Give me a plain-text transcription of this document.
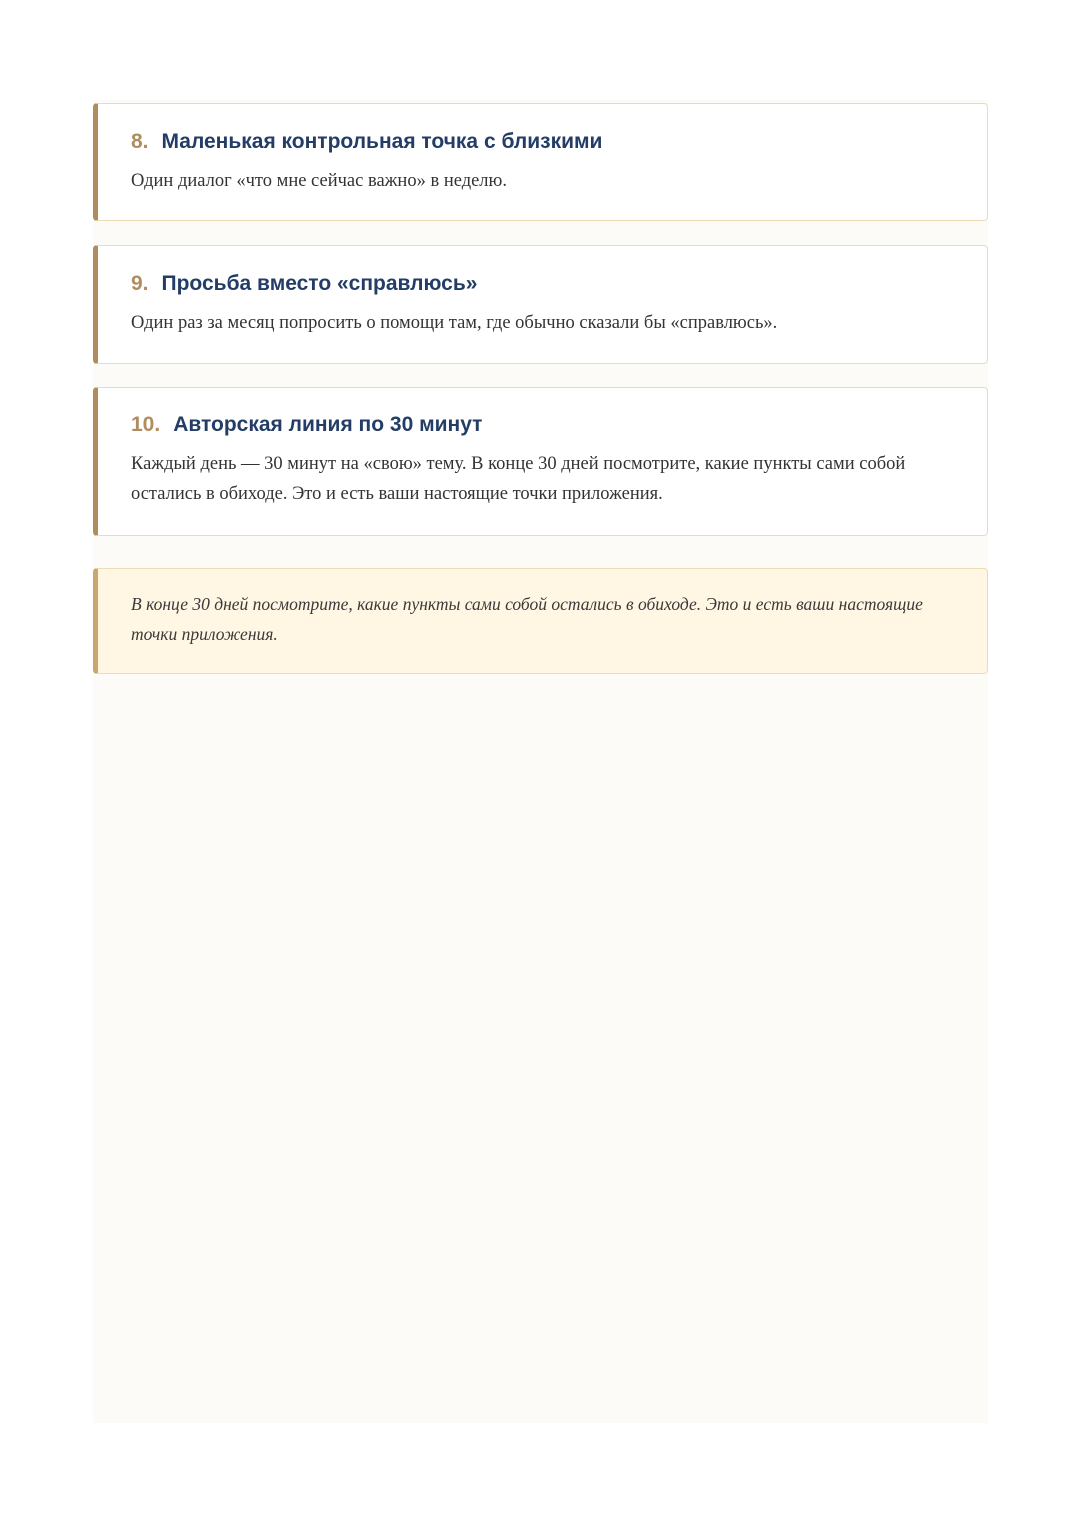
8. Маленькая контрольная точка с близкими

Один диалог «что мне сейчас важно» в неделю.

9. Просьба вместо «справлюсь»

Один раз за месяц попросить о помощи там, где обычно сказали бы «справлюсь».

10. Авторская линия по 30 минут

Каждый день — 30 минут на «свою» тему. В конце 30 дней посмотрите, какие пункты сами собой остались в обиходе. Это и есть ваши настоящие точки приложения.

В конце 30 дней посмотрите, какие пункты сами собой остались в обиходе. Это и есть ваши настоящие точки приложения.
